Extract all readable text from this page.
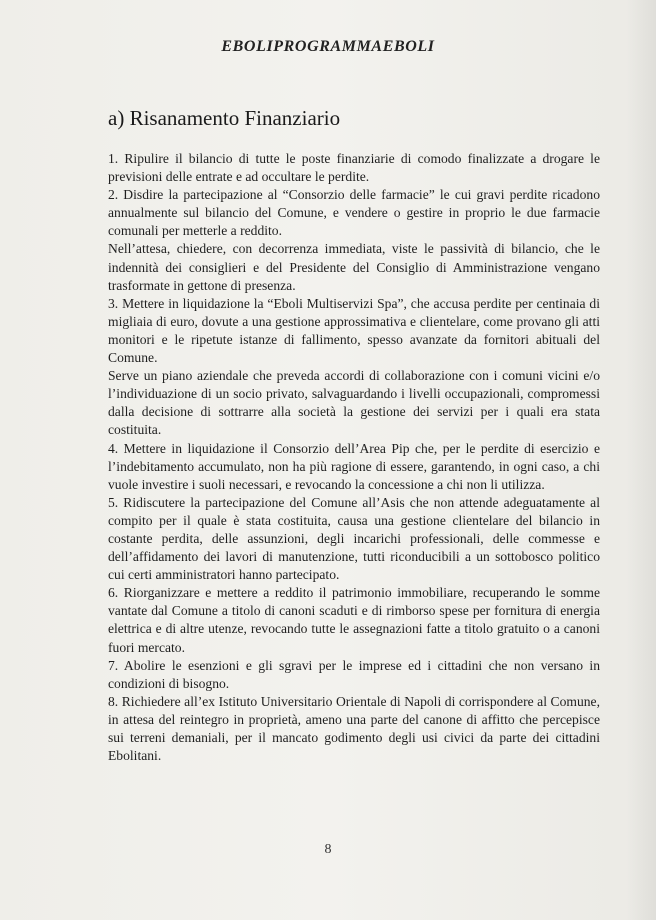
EBOLIPROGRAMMAEBOLI
a) Risanamento Finanziario

1. Ripulire il bilancio di tutte le poste finanziarie di comodo finalizzate a drogare le previsioni delle entrate e ad occultare le perdite.

2. Disdire la partecipazione al “Consorzio delle farmacie” le cui gravi perdite ricadono annualmente sul bilancio del Comune, e vendere o gestire in proprio le due farmacie comunali per metterle a reddito.

Nell’attesa, chiedere, con decorrenza immediata, viste le passività di bilancio, che le indennità dei consiglieri e del Presidente del Consiglio di Amministrazione vengano trasformate in gettone di presenza.

3. Mettere in liquidazione la “Eboli Multiservizi Spa”, che accusa perdite per centinaia di migliaia di euro, dovute a una gestione approssimativa e clientelare, come provano gli atti monitori e le ripetute istanze di fallimento, spesso avanzate da fornitori abituali del Comune.

Serve un piano aziendale che preveda accordi di collaborazione con i comuni vicini e/o l’individuazione di un socio privato, salvaguardando i livelli occupazionali, compromessi dalla decisione di sottrarre alla società la gestione dei servizi per i quali era stata costituita.

4. Mettere in liquidazione il Consorzio dell’Area Pip che, per le perdite di esercizio e l’indebitamento accumulato, non ha più ragione di essere, garantendo, in ogni caso, a chi vuole investire i suoli necessari, e revocando la concessione a chi non li utilizza.

5. Ridiscutere la partecipazione del Comune all’Asis che non attende adeguatamente al compito per il quale è stata costituita, causa una gestione clientelare del bilancio in costante perdita, delle assunzioni, degli incarichi professionali, delle commesse e dell’affidamento dei lavori di manutenzione, tutti riconducibili a un sottobosco politico cui certi amministratori hanno partecipato.

6. Riorganizzare e mettere a reddito il patrimonio immobiliare, recuperando le somme vantate dal Comune a titolo di canoni scaduti e di rimborso spese per fornitura di energia elettrica e di altre utenze, revocando tutte le assegnazioni fatte a titolo gratuito o a canoni fuori mercato.

7. Abolire le esenzioni e gli sgravi per le imprese ed i cittadini che non versano in condizioni di bisogno.

8. Richiedere all’ex Istituto Universitario Orientale di Napoli di corrispondere al Comune, in attesa del reintegro in proprietà, ameno una parte del canone di affitto che percepisce sui terreni demaniali, per il mancato godimento degli usi civici da parte dei cittadini Ebolitani.

8
